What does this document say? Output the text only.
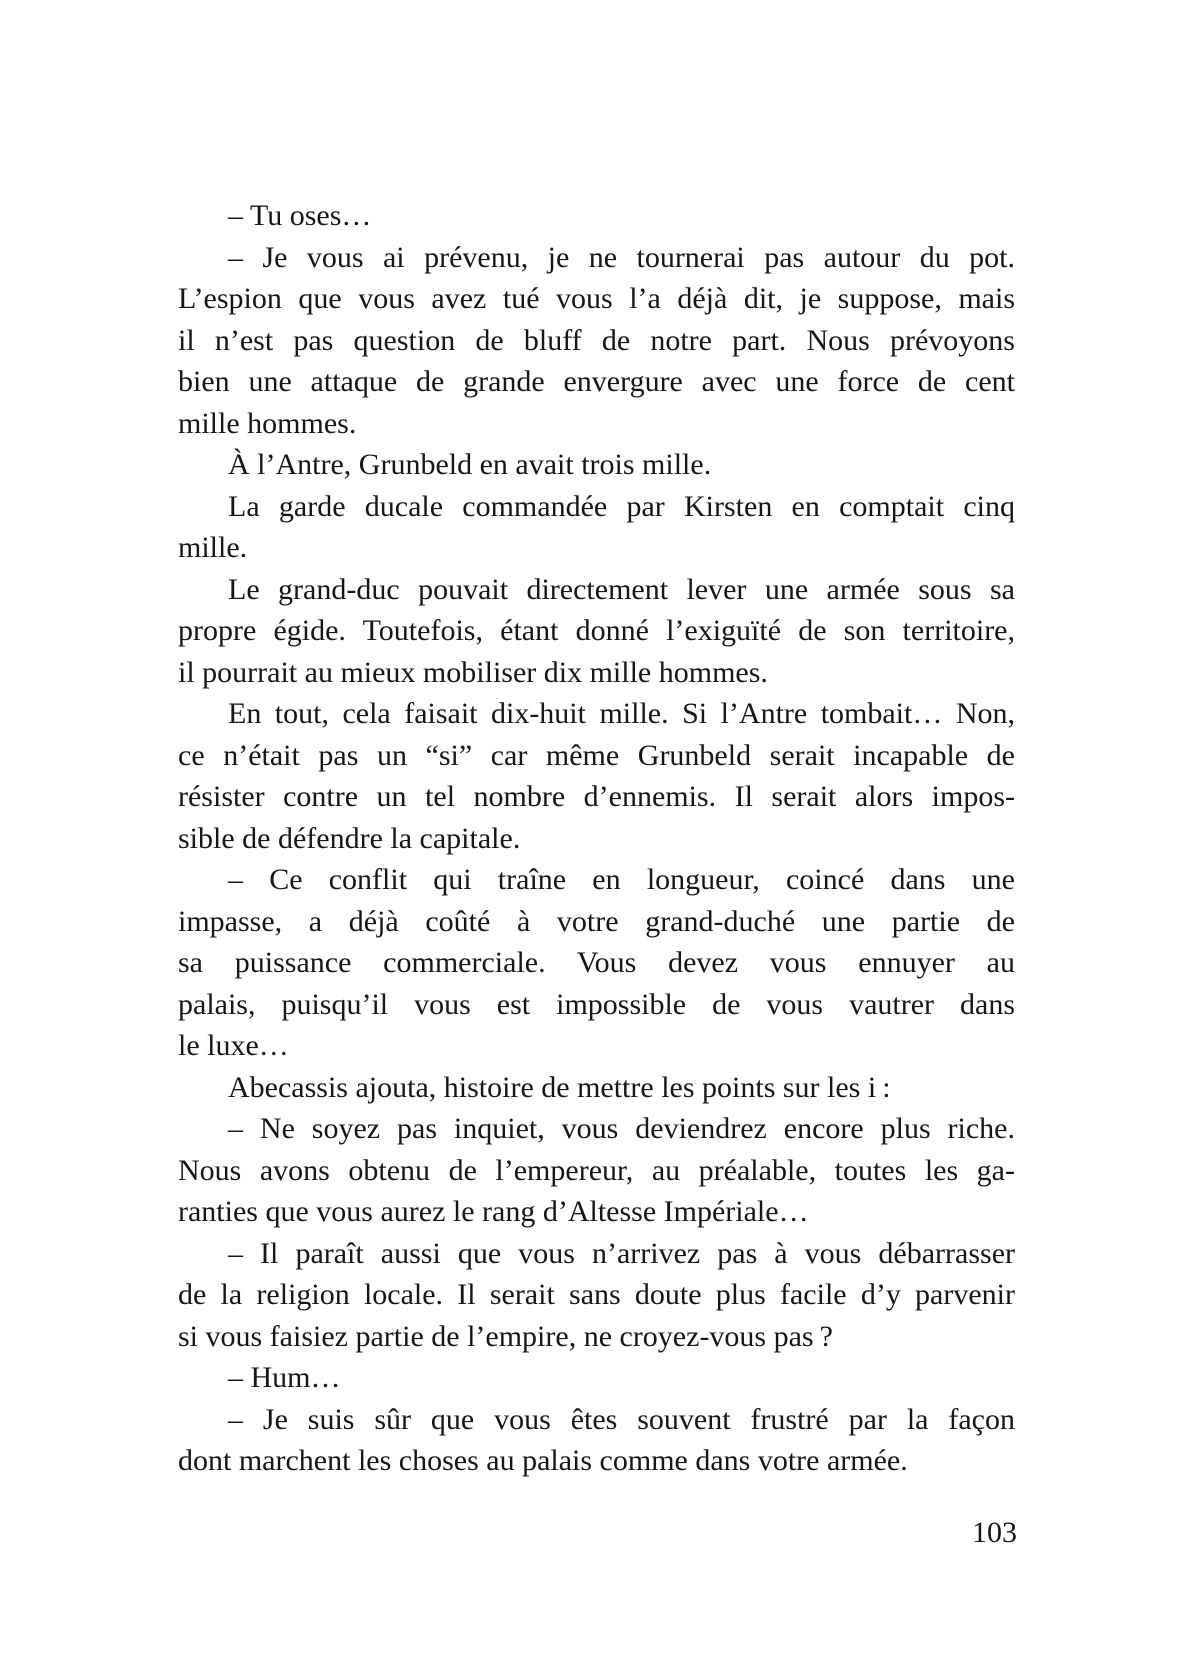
– Tu oses…
– Je vous ai prévenu, je ne tournerai pas autour du pot.
L’espion que vous avez tué vous l’a déjà dit, je suppose, mais
il n’est pas question de bluff de notre part. Nous prévoyons
bien une attaque de grande envergure avec une force de cent
mille hommes.
À l’Antre, Grunbeld en avait trois mille.
La garde ducale commandée par Kirsten en comptait cinq
mille.
Le grand-duc pouvait directement lever une armée sous sa
propre égide. Toutefois, étant donné l’exiguïté de son territoire,
il pourrait au mieux mobiliser dix mille hommes.
En tout, cela faisait dix-huit mille. Si l’Antre tombait… Non,
ce n’était pas un “si” car même Grunbeld serait incapable de
résister contre un tel nombre d’ennemis. Il serait alors impos-
sible de défendre la capitale.
– Ce conflit qui traîne en longueur, coincé dans une
impasse, a déjà coûté à votre grand-duché une partie de
sa puissance commerciale. Vous devez vous ennuyer au
palais, puisqu’il vous est impossible de vous vautrer dans
le luxe…
Abecassis ajouta, histoire de mettre les points sur les i :
– Ne soyez pas inquiet, vous deviendrez encore plus riche.
Nous avons obtenu de l’empereur, au préalable, toutes les ga-
ranties que vous aurez le rang d’Altesse Impériale…
– Il paraît aussi que vous n’arrivez pas à vous débarrasser
de la religion locale. Il serait sans doute plus facile d’y parvenir
si vous faisiez partie de l’empire, ne croyez-vous pas ?
– Hum…
– Je suis sûr que vous êtes souvent frustré par la façon
dont marchent les choses au palais comme dans votre armée.
103
